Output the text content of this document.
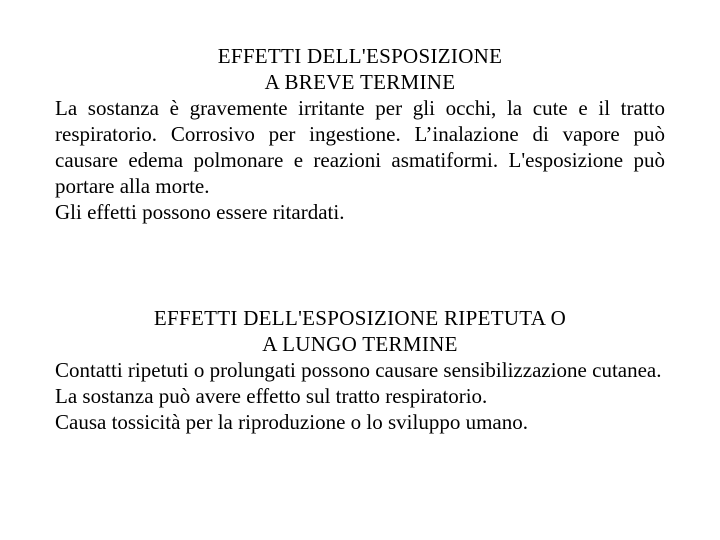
EFFETTI DELL'ESPOSIZIONE
A BREVE TERMINE

La sostanza è gravemente irritante per gli occhi, la cute e il tratto respiratorio. Corrosivo per ingestione. L’inalazione di vapore può causare edema polmonare e reazioni asmatiformi. L'esposizione può portare alla morte.

Gli effetti possono essere ritardati.

EFFETTI DELL'ESPOSIZIONE RIPETUTA O
A LUNGO TERMINE

Contatti ripetuti o prolungati possono causare sensibilizzazione cutanea.

La sostanza può avere effetto sul tratto respiratorio.

Causa tossicità per la riproduzione o lo sviluppo umano.
